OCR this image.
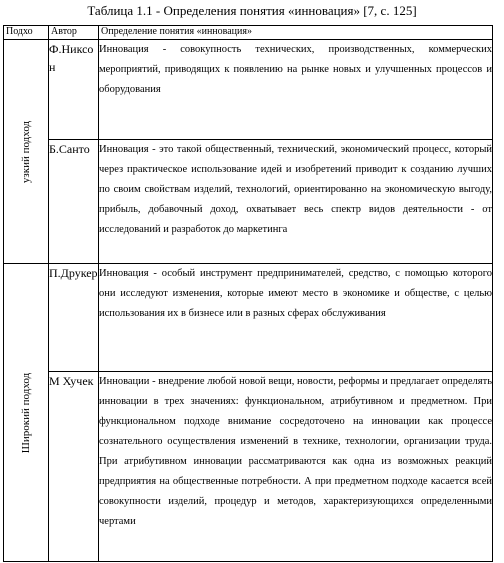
Таблица 1.1 - Определения понятия «инновация» [7, с. 125]
Подхо	Автор	Определение понятия «инновация»

узкий подход	Ф.Никсон	Инновация - совокупность технических, производственных, коммерческих мероприятий, приводящих к появлению на рынке новых и улучшенных процессов и оборудования
	Б.Санто	Инновация - это такой общественный, технический, экономический процесс, который через практическое использование идей и изобретений приводит к созданию лучших по своим свойствам изделий, технологий, ориентированно на экономическую выгоду, прибыль, добавочный доход, охватывает весь спектр видов деятельности - от исследований и разработок до маркетинга

Широкий подход	П.Друкер	Инновация - особый инструмент предпринимателей, средство, с помощью которого они исследуют изменения, которые имеют место в экономике и обществе, с целью использования их в бизнесе или в разных сферах обслуживания
	М Хучек	Инновации - внедрение любой новой вещи, новости, реформы и предлагает определять инновации в трех значениях: функциональном, атрибутивном и предметном. При функциональном подходе внимание сосредоточено на инновации как процессе сознательного осуществления изменений в технике, технологии, организации труда. При атрибутивном инновации рассматриваются как одна из возможных реакций предприятия на общественные потребности. А при предметном подходе касается всей совокупности изделий, процедур и методов, характеризующихся определенными чертами
